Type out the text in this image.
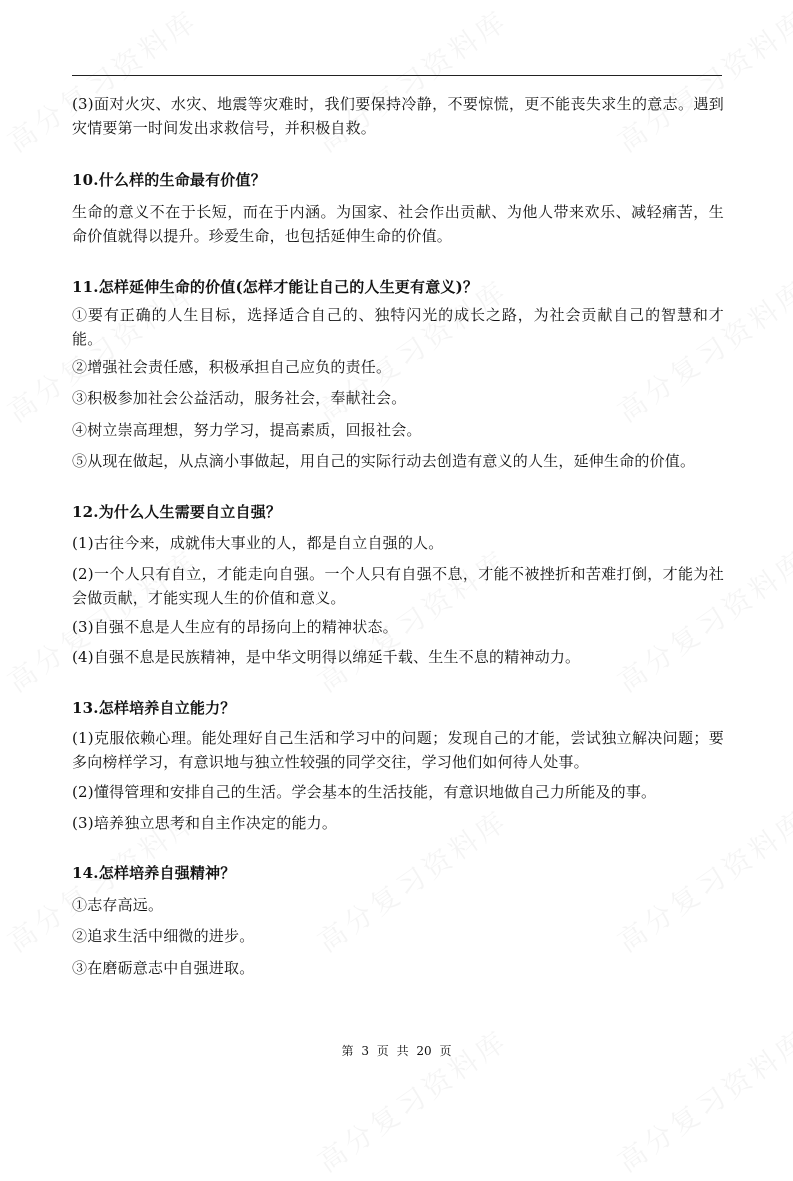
(3)面对火灾、水灾、地震等灾难时，我们要保持冷静，不要惊慌，更不能丧失求生的意志。遇到灾情要第一时间发出求救信号，并积极自救。
10.什么样的生命最有价值？
生命的意义不在于长短，而在于内涵。为国家、社会作出贡献、为他人带来欢乐、减轻痛苦，生命价值就得以提升。珍爱生命，也包括延伸生命的价值。
11.怎样延伸生命的价值(怎样才能让自己的人生更有意义)？
①要有正确的人生目标，选择适合自己的、独特闪光的成长之路，为社会贡献自己的智慧和才能。
②增强社会责任感，积极承担自己应负的责任。
③积极参加社会公益活动，服务社会，奉献社会。
④树立崇高理想，努力学习，提高素质，回报社会。
⑤从现在做起，从点滴小事做起，用自己的实际行动去创造有意义的人生，延伸生命的价值。
12.为什么人生需要自立自强？
(1)古往今来，成就伟大事业的人，都是自立自强的人。
(2)一个人只有自立，才能走向自强。一个人只有自强不息，才能不被挫折和苦难打倒，才能为社会做贡献，才能实现人生的价值和意义。
(3)自强不息是人生应有的昂扬向上的精神状态。
(4)自强不息是民族精神，是中华文明得以绵延千载、生生不息的精神动力。
13.怎样培养自立能力？
(1)克服依赖心理。能处理好自己生活和学习中的问题；发现自己的才能，尝试独立解决问题；要多向榜样学习，有意识地与独立性较强的同学交往，学习他们如何待人处事。
(2)懂得管理和安排自己的生活。学会基本的生活技能，有意识地做自己力所能及的事。
(3)培养独立思考和自主作决定的能力。
14.怎样培养自强精神？
①志存高远。
②追求生活中细微的进步。
③在磨砺意志中自强进取。
第 3 页 共 20 页
